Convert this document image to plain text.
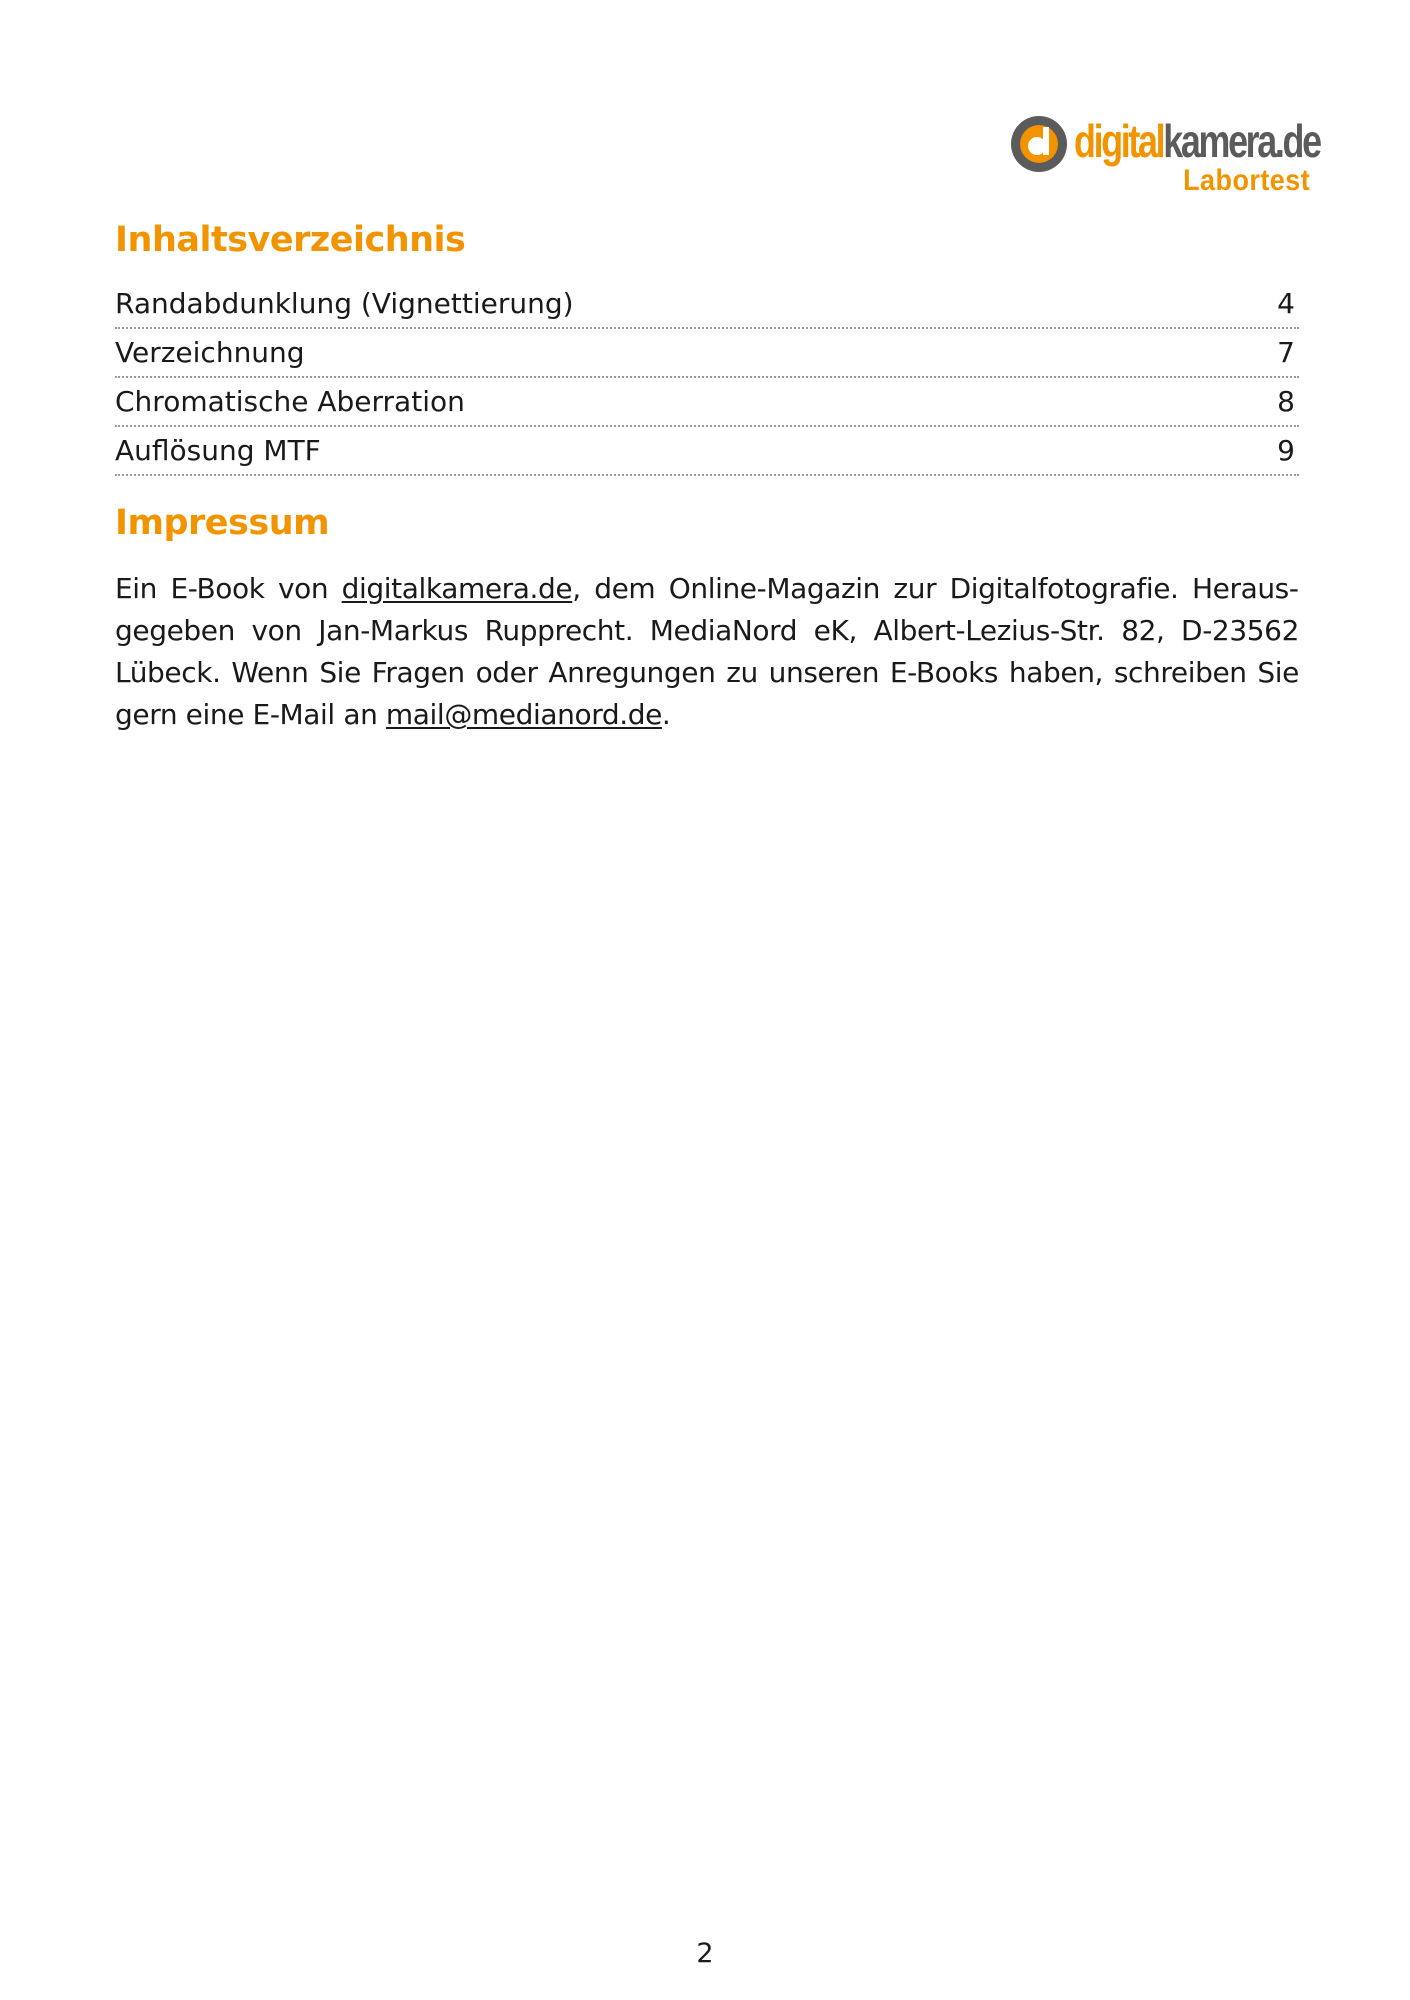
digitalkamera.de
Labortest
Inhaltsverzeichnis
Randabdunklung (Vignettierung)	4
Verzeichnung	7
Chromatische Aberration	8
Auflösung MTF	9
Impressum

Ein E-Book von digitalkamera.de, dem Online-Magazin zur Digitalfotografie. Herausgegeben von Jan-Markus Rupprecht. MediaNord eK, Albert-Lezius-Str. 82, D-23562 Lübeck. Wenn Sie Fragen oder Anregungen zu unseren E-Books haben, schreiben Sie gern eine E-Mail an mail@medianord.de.

2
